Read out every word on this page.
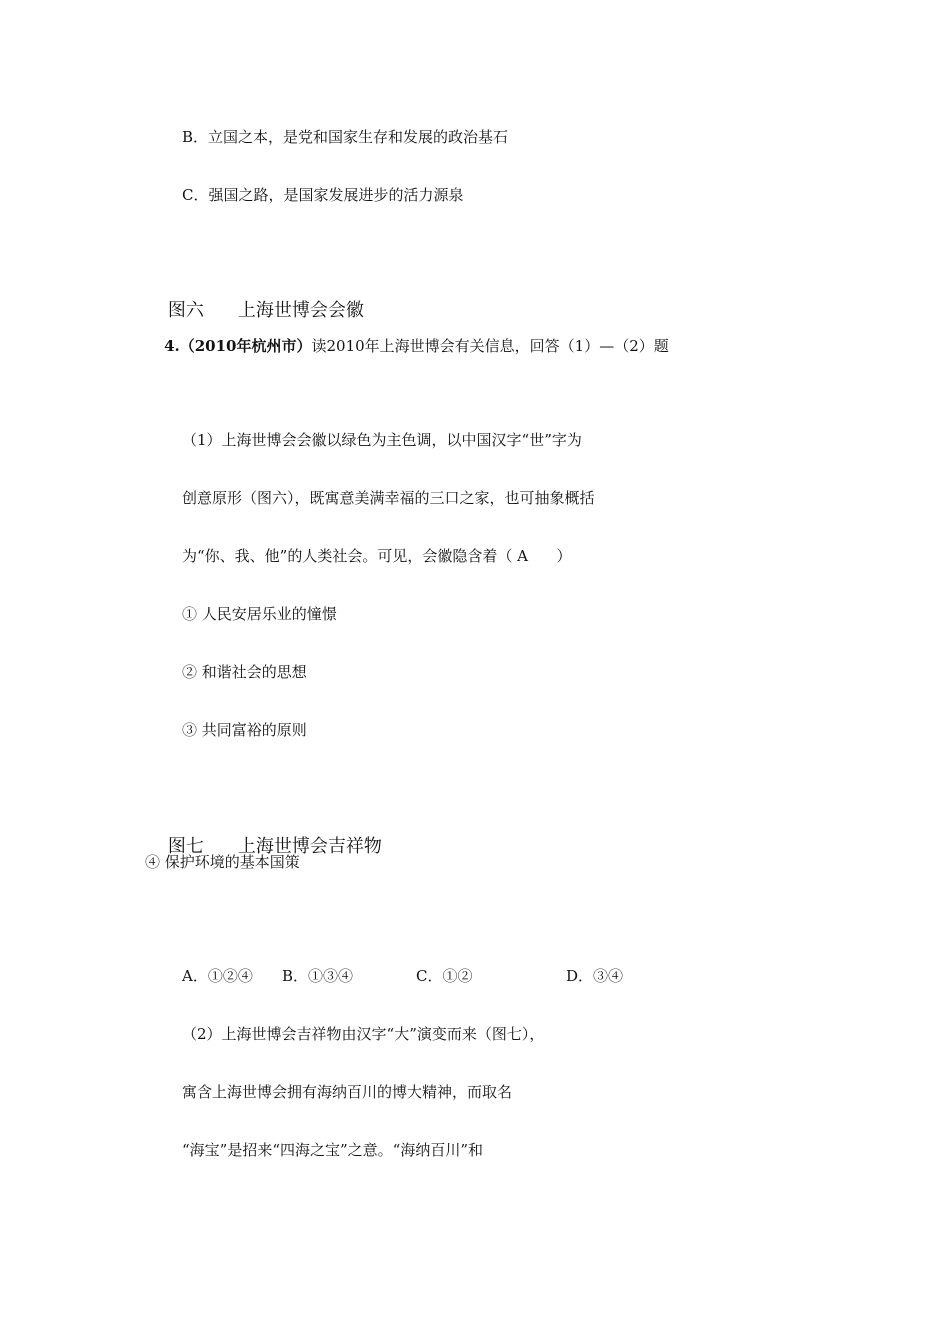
B．立国之本，是党和国家生存和发展的政治基石
C．强国之路，是国家发展进步的活力源泉

图六 上海世博会会徽

4.（2010年杭州市）读2010年上海世博会有关信息，回答（1）—（2）题

（1）上海世博会会徽以绿色为主色调，以中国汉字“世”字为
创意原形（图六），既寓意美满幸福的三口之家，也可抽象概括
为“你、我、他”的人类社会。可见，会徽隐含着（ A      ）
① 人民安居乐业的憧憬
② 和谐社会的思想
③ 共同富裕的原则

图七 上海世博会吉祥物

④ 保护环境的基本国策
A．①②④ B．①③④	C．①②	D．③④
（2）上海世博会吉祥物由汉字“大”演变而来（图七），
寓含上海世博会拥有海纳百川的博大精神，而取名
“海宝”是招来“四海之宝”之意。“海纳百川”和
